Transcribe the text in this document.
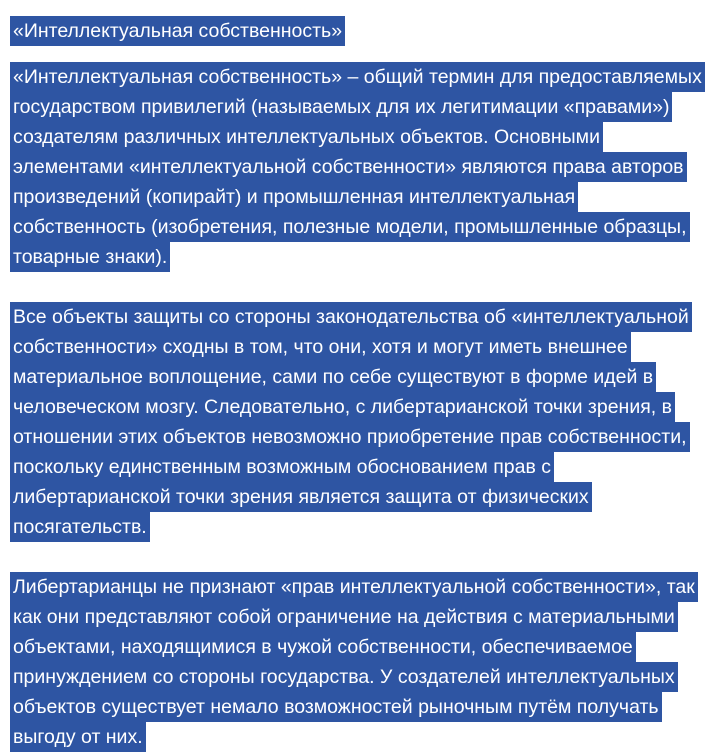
«Интеллектуальная собственность»
«Интеллектуальная собственность» – общий термин для предоставляемых
государством привилегий (называемых для их легитимации «правами»)
создателям различных интеллектуальных объектов. Основными
элементами «интеллектуальной собственности» являются права авторов
произведений (копирайт) и промышленная интеллектуальная
собственность (изобретения, полезные модели, промышленные образцы,
товарные знаки).
Все объекты защиты со стороны законодательства об «интеллектуальной
собственности» сходны в том, что они, хотя и могут иметь внешнее
материальное воплощение, сами по себе существуют в форме идей в
человеческом мозгу. Следовательно, с либертарианской точки зрения, в
отношении этих объектов невозможно приобретение прав собственности,
поскольку единственным возможным обоснованием прав с
либертарианской точки зрения является защита от физических
посягательств.
Либертарианцы не признают «прав интеллектуальной собственности», так
как они представляют собой ограничение на действия с материальными
объектами, находящимися в чужой собственности, обеспечиваемое
принуждением со стороны государства. У создателей интеллектуальных
объектов существует немало возможностей рыночным путём получать
выгоду от них.
